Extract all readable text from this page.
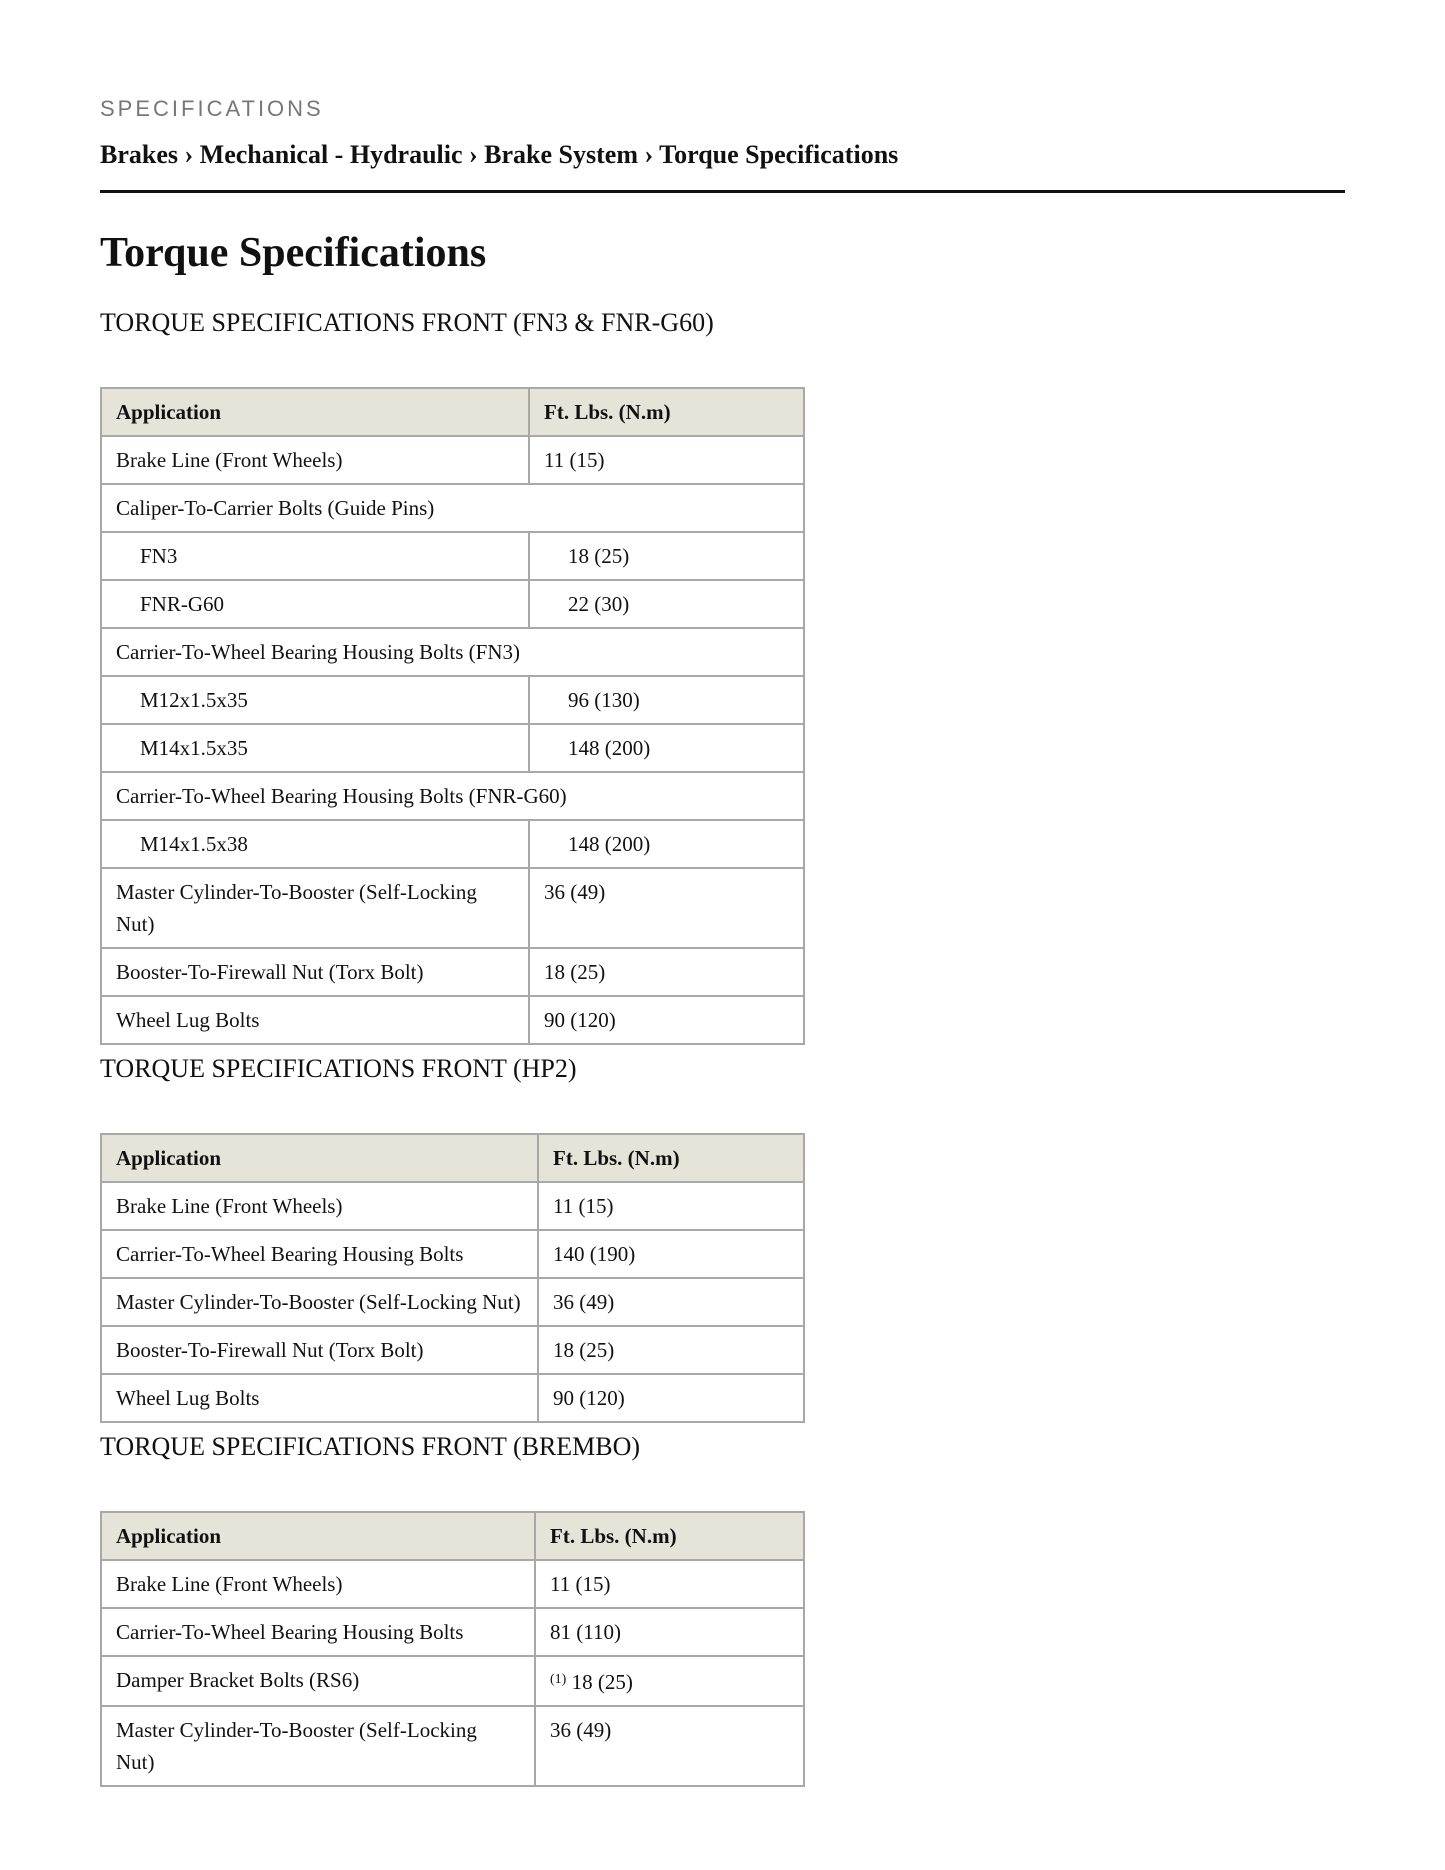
SPECIFICATIONS
Brakes › Mechanical - Hydraulic › Brake System › Torque Specifications
Torque Specifications
TORQUE SPECIFICATIONS FRONT (FN3 & FNR-G60)
Application	Ft. Lbs. (N.m)
Brake Line (Front Wheels)	11 (15)
Caliper-To-Carrier Bolts (Guide Pins)	
FN3	18 (25)
FNR-G60	22 (30)
Carrier-To-Wheel Bearing Housing Bolts (FN3)	
M12x1.5x35	96 (130)
M14x1.5x35	148 (200)
Carrier-To-Wheel Bearing Housing Bolts (FNR-G60)	
M14x1.5x38	148 (200)
Master Cylinder-To-Booster (Self-Locking Nut)	36 (49)
Booster-To-Firewall Nut (Torx Bolt)	18 (25)
Wheel Lug Bolts	90 (120)
TORQUE SPECIFICATIONS FRONT (HP2)
Application	Ft. Lbs. (N.m)
Brake Line (Front Wheels)	11 (15)
Carrier-To-Wheel Bearing Housing Bolts	140 (190)
Master Cylinder-To-Booster (Self-Locking Nut)	36 (49)
Booster-To-Firewall Nut (Torx Bolt)	18 (25)
Wheel Lug Bolts	90 (120)
TORQUE SPECIFICATIONS FRONT (BREMBO)
Application	Ft. Lbs. (N.m)
Brake Line (Front Wheels)	11 (15)
Carrier-To-Wheel Bearing Housing Bolts	81 (110)
Damper Bracket Bolts (RS6)	$^{(1)}$ 18 (25)
Master Cylinder-To-Booster (Self-Locking Nut)	36 (49)
